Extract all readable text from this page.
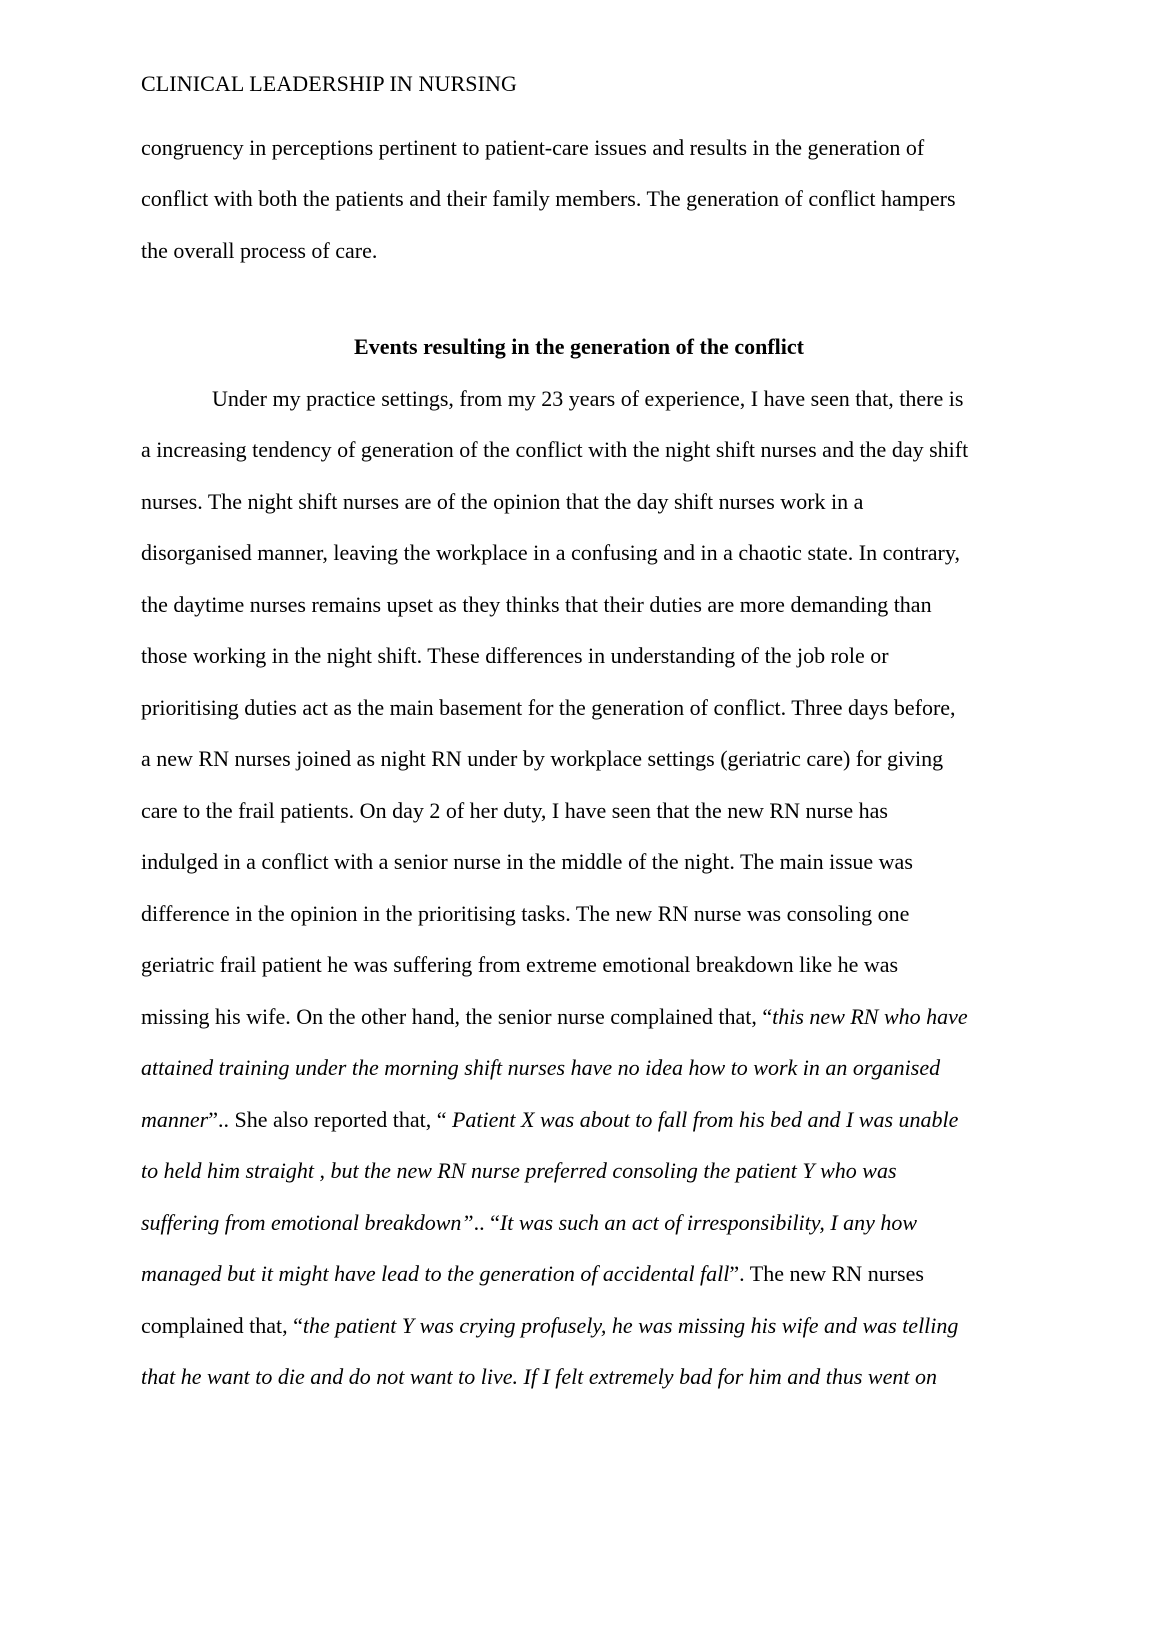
CLINICAL LEADERSHIP IN NURSING
congruency in perceptions pertinent to patient-care issues and results in the generation of
conflict with both the patients and their family members. The generation of conflict hampers
the overall process of care.
Events resulting in the generation of the conflict
Under my practice settings, from my 23 years of experience, I have seen that, there is
a increasing tendency of generation of the conflict with the night shift nurses and the day shift
nurses. The night shift nurses are of the opinion that the day shift nurses work in a
disorganised manner, leaving the workplace in a confusing and in a chaotic state. In contrary,
the daytime nurses remains upset as they thinks that their duties are more demanding than
those working in the night shift. These differences in understanding of the job role or
prioritising duties act as the main basement for the generation of conflict. Three days before,
a new RN nurses joined as night RN under by workplace settings (geriatric care) for giving
care to the frail patients. On day 2 of her duty, I have seen that the new RN nurse has
indulged in a conflict with a senior nurse in the middle of the night. The main issue was
difference in the opinion in the prioritising tasks. The new RN nurse was consoling one
geriatric frail patient he was suffering from extreme emotional breakdown like he was
missing his wife. On the other hand, the senior nurse complained that, “this new RN who have
attained training under the morning shift nurses have no idea how to work in an organised
manner”.. She also reported that, “ Patient X was about to fall from his bed and I was unable
to held him straight , but the new RN nurse preferred consoling the patient Y who was
suffering from emotional breakdown”.. “It was such an act of irresponsibility, I any how
managed but it might have lead to the generation of accidental fall”. The new RN nurses
complained that, “the patient Y was crying profusely, he was missing his wife and was telling
that he want to die and do not want to live. If I felt extremely bad for him and thus went on
